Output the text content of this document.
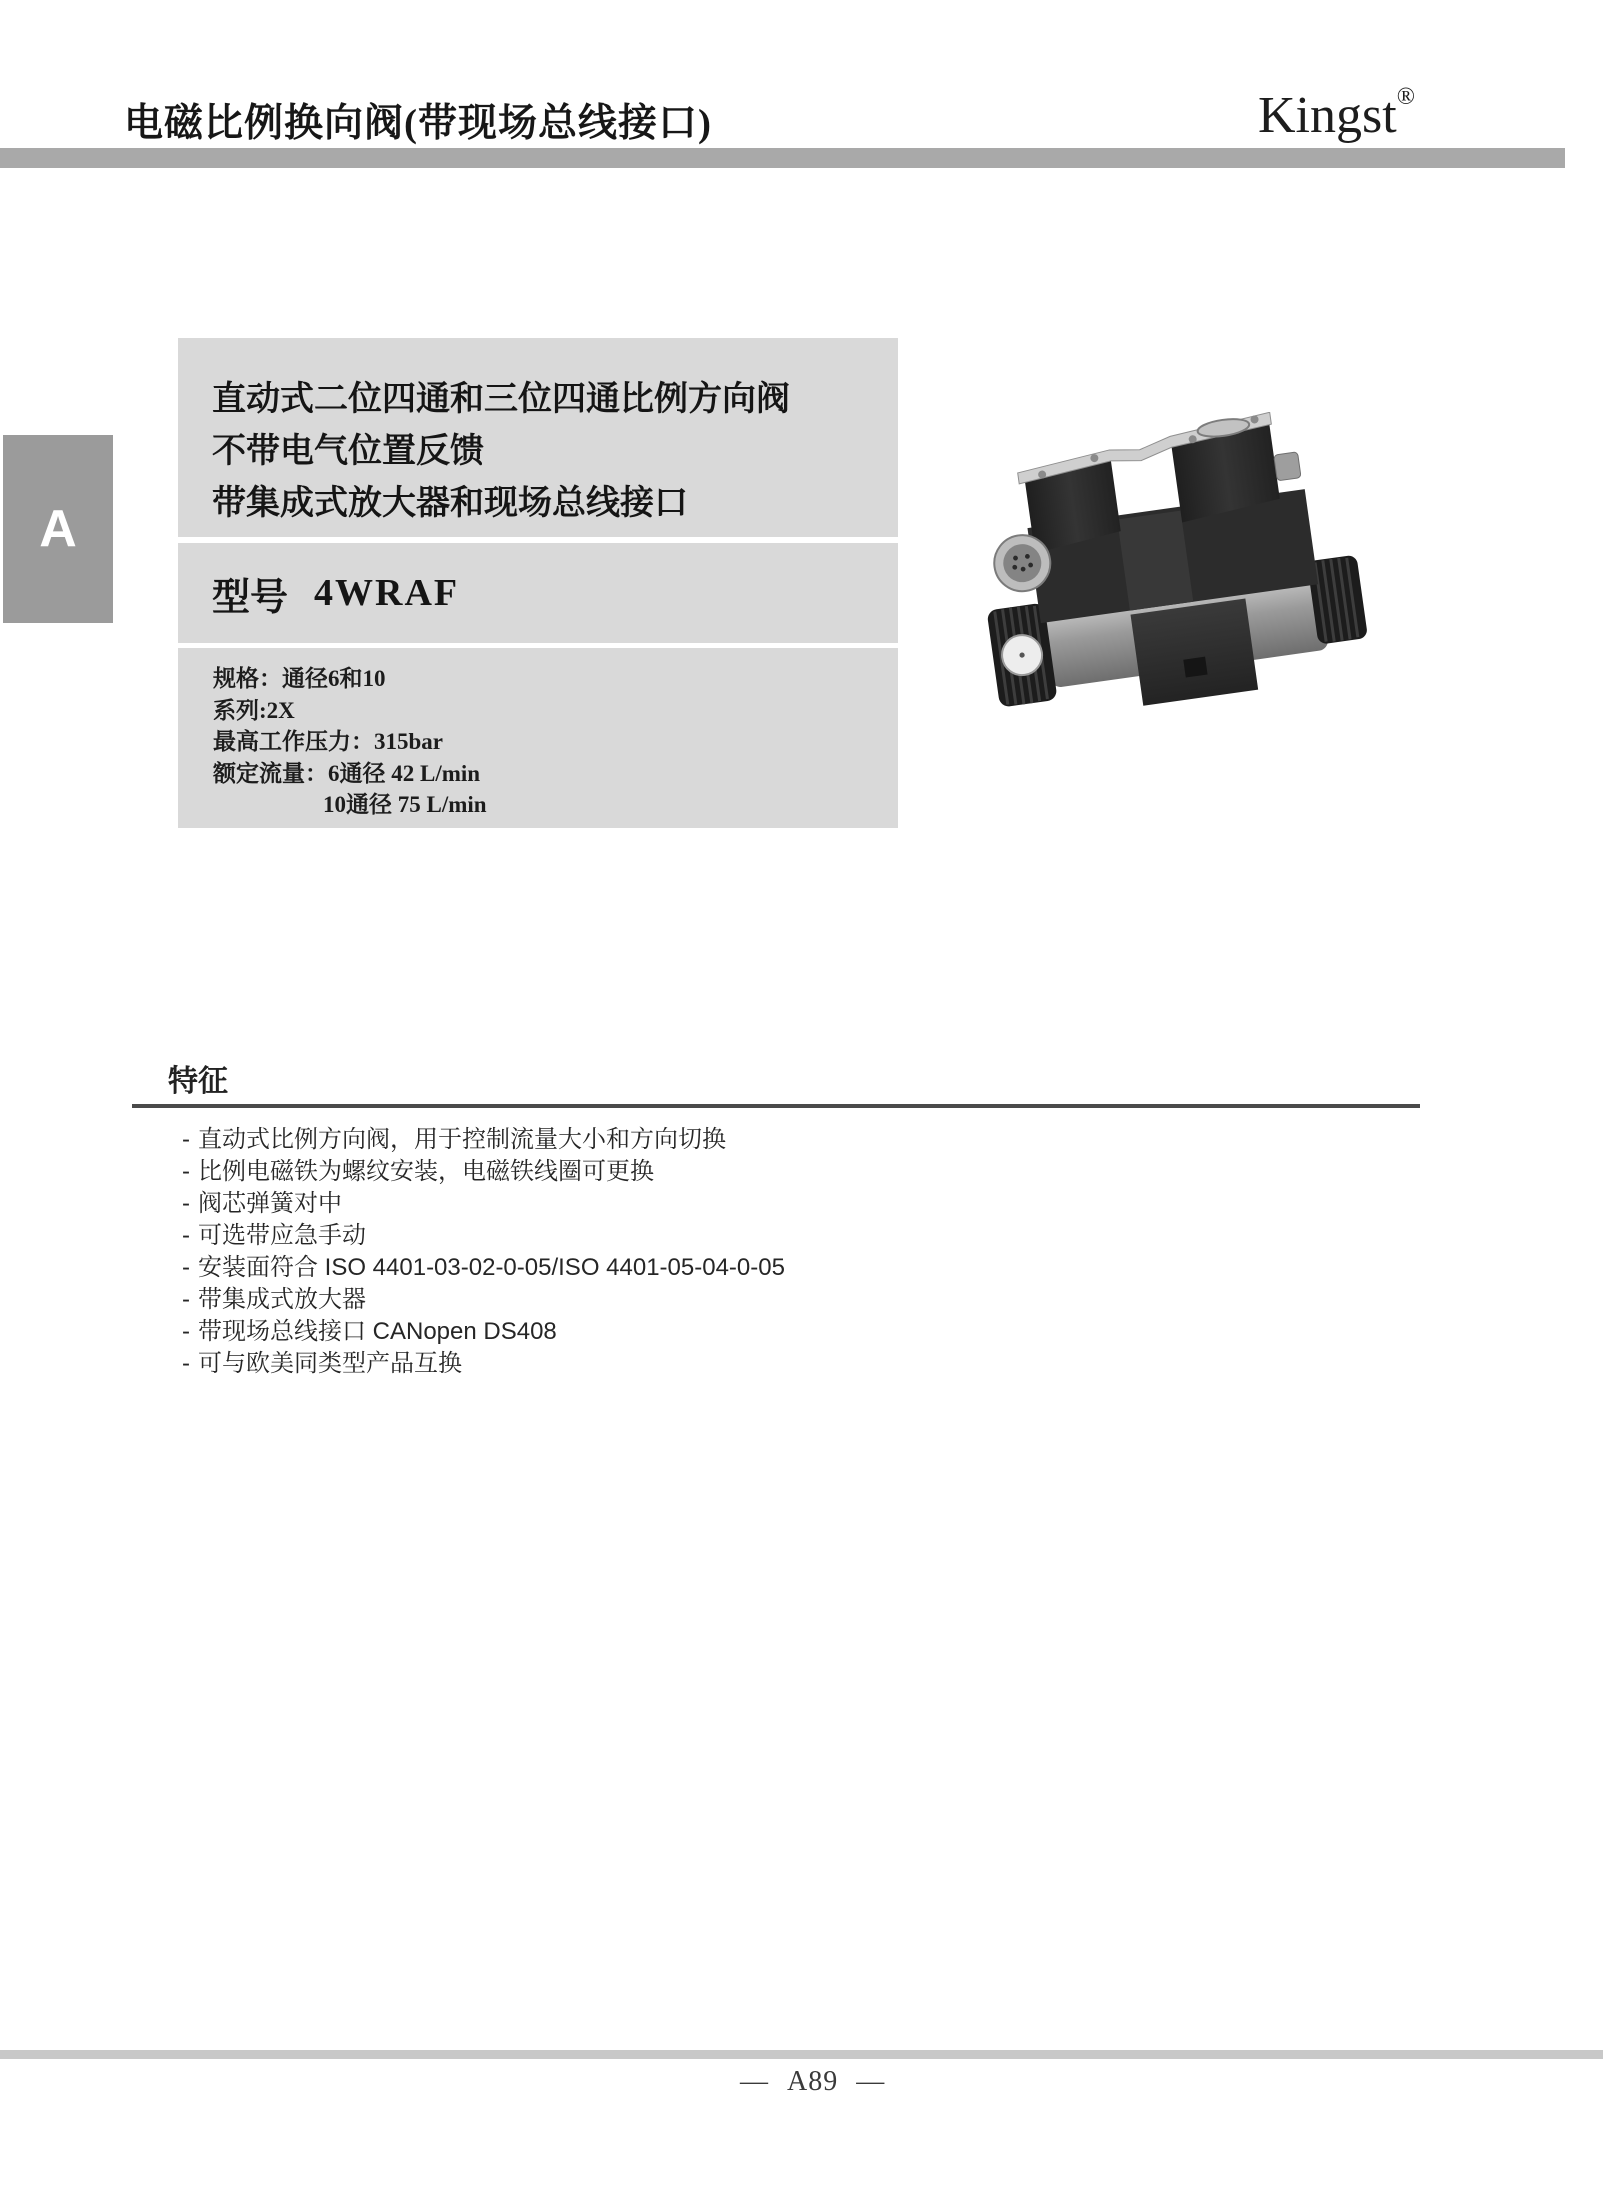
电磁比例换向阀(带现场总线接口)	Kingst®
A
直动式二位四通和三位四通比例方向阀
不带电气位置反馈
带集成式放大器和现场总线接口
型号 4WRAF
规格：通径6和10
系列:2X
最高工作压力：315bar
额定流量：6通径 42 L/min
10通径 75 L/min
特征
- 直动式比例方向阀，用于控制流量大小和方向切换
- 比例电磁铁为螺纹安装，电磁铁线圈可更换
- 阀芯弹簧对中
- 可选带应急手动
- 安装面符合 ISO 4401-03-02-0-05/ISO 4401-05-04-0-05
- 带集成式放大器
- 带现场总线接口 CANopen DS408
- 可与欧美同类型产品互换
— A89 —
